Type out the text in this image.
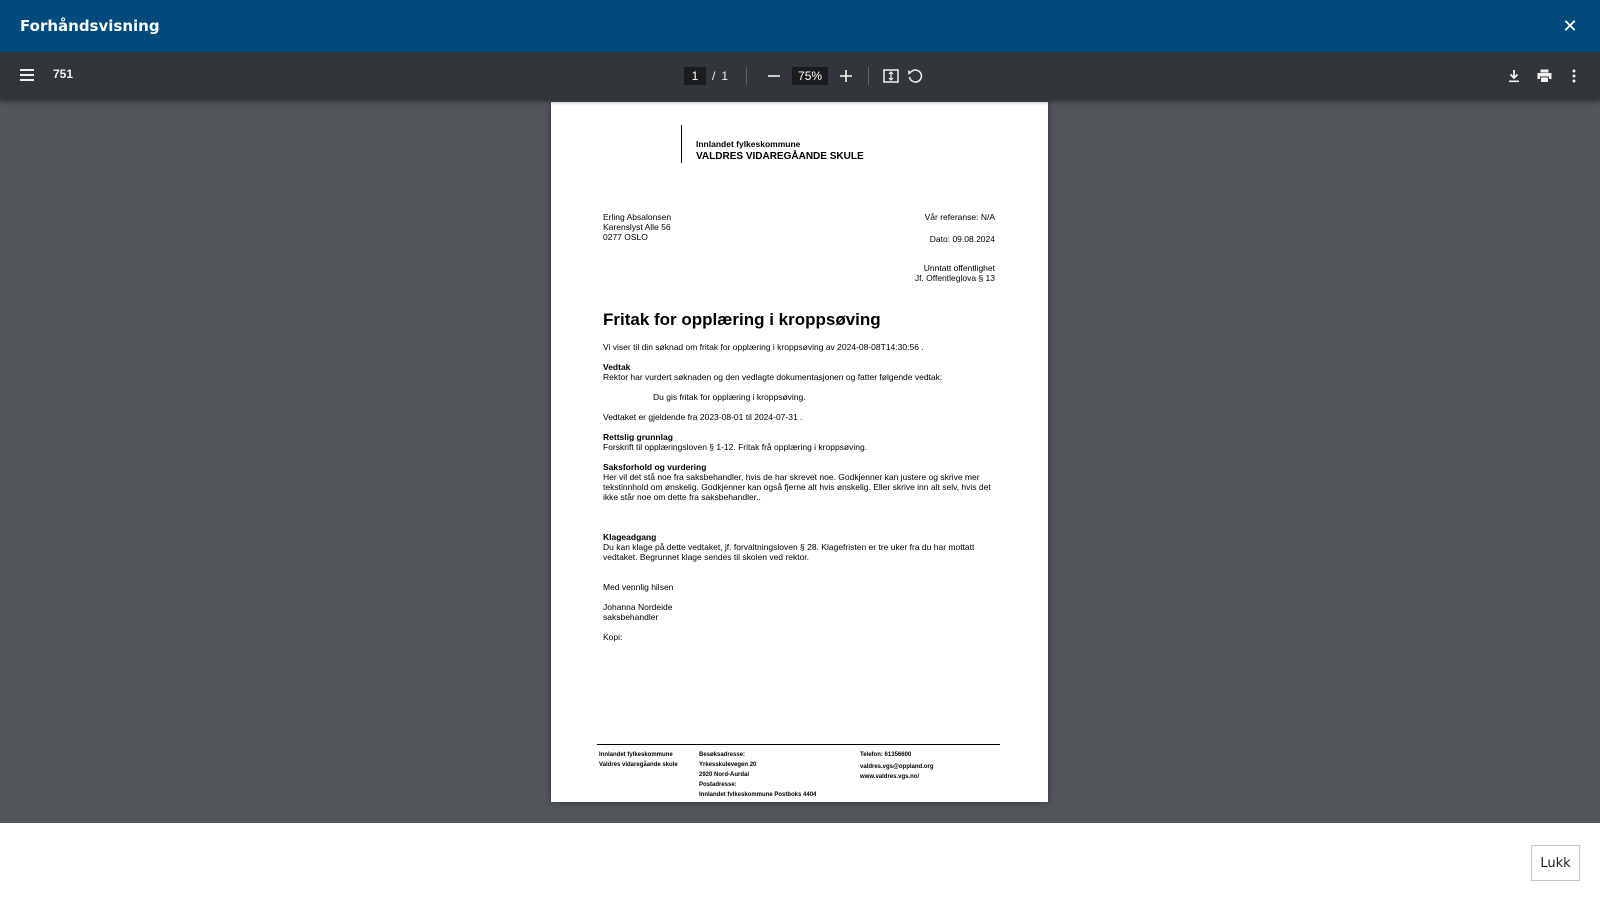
Forhåndsvisning	✕
751	1	/ 1	75%
Innlandet fylkeskommune
VALDRES VIDAREGÅANDE SKULE
Erling Absalonsen
Karenslyst Alle 56
0277 OSLO
Vår referanse: N/A
Dato: 09.08.2024
Unntatt offentlighet
Jf. Offentleglova § 13
Fritak for opplæring i kroppsøving
Vi viser til din søknad om fritak for opplæring i kroppsøving av 2024-08-08T14:30:56 .
Vedtak
Rektor har vurdert søknaden og den vedlagte dokumentasjonen og fatter følgende vedtak:
Du gis fritak for opplæring i kroppsøving.
Vedtaket er gjeldende fra 2023-08-01 til 2024-07-31 .
Rettslig grunnlag
Forskrift til opplæringsloven § 1-12. Fritak frå opplæring i kroppsøving.
Saksforhold og vurdering
Her vil det stå noe fra saksbehandler, hvis de har skrevet noe. Godkjenner kan justere og skrive mer tekstinnhold om ønskelig. Godkjenner kan også fjerne alt hvis ønskelig. Eller skrive inn alt selv, hvis det ikke står noe om dette fra saksbehandler..
Klageadgang
Du kan klage på dette vedtaket, jf. forvaltningsloven § 28. Klagefristen er tre uker fra du har mottatt vedtaket. Begrunnet klage sendes til skolen ved rektor.
Med vennlig hilsen
Johanna Nordeide
saksbehandler
Kopi:
Innlandet fylkeskommune
Valdres vidaregåande skule
Besøksadresse:
Yrkesskulevegen 20
2920 Nord-Aurdal
Postadresse:
Innlandet fylkeskommune Postboks 4404
Telefon: 61356600
valdres.vgs@oppland.org
www.valdres.vgs.no/
Lukk
